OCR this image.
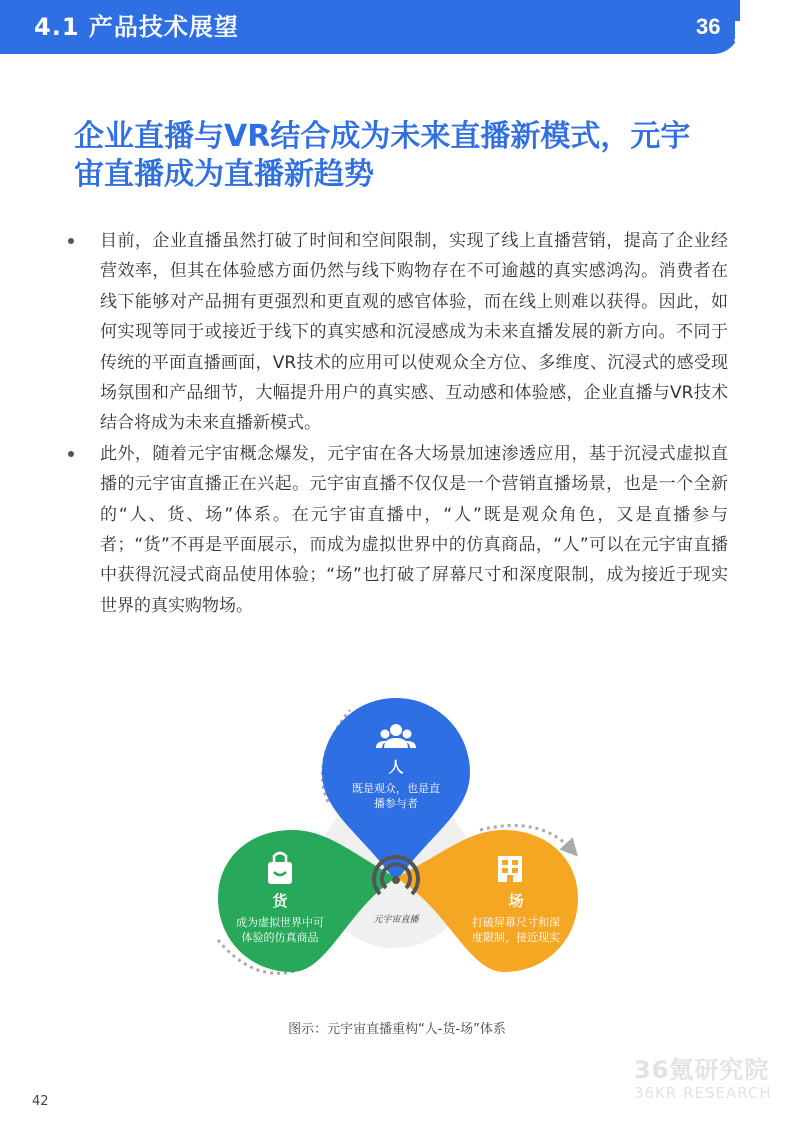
4.1 产品技术展望	36
企业直播与VR结合成为未来直播新模式，元宇
宙直播成为直播新趋势
目前，企业直播虽然打破了时间和空间限制，实现了线上直播营销，提高了企业经营效率，但其在体验感方面仍然与线下购物存在不可逾越的真实感鸿沟。消费者在线下能够对产品拥有更强烈和更直观的感官体验，而在线上则难以获得。因此，如何实现等同于或接近于线下的真实感和沉浸感成为未来直播发展的新方向。不同于传统的平面直播画面，VR技术的应用可以使观众全方位、多维度、沉浸式的感受现场氛围和产品细节，大幅提升用户的真实感、互动感和体验感，企业直播与VR技术结合将成为未来直播新模式。
此外，随着元宇宙概念爆发，元宇宙在各大场景加速渗透应用，基于沉浸式虚拟直播的元宇宙直播正在兴起。元宇宙直播不仅仅是一个营销直播场景，也是一个全新的“人、货、场”体系。在元宇宙直播中，“人”既是观众角色，又是直播参与者；“货”不再是平面展示，而成为虚拟世界中的仿真商品，“人”可以在元宇宙直播中获得沉浸式商品使用体验；“场”也打破了屏幕尺寸和深度限制，成为接近于现实世界的真实购物场。
元宇宙直播
人
既是观众，也是直
播参与者
货
成为虚拟世界中可
体验的仿真商品
场
打破屏幕尺寸和深
度限制，接近现实
图示：元宇宙直播重构“人-货-场”体系
36氪研究院
36KR RESEARCH
42
